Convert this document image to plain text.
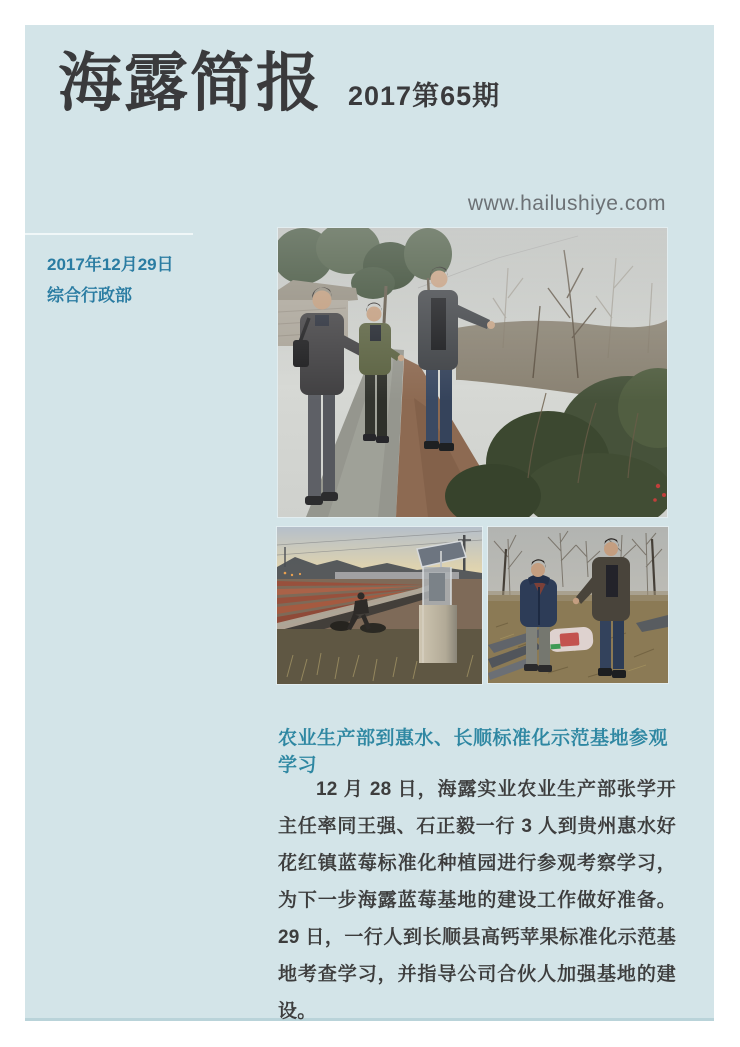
海露简报 2017第65期
www.hailushiye.com
2017年12月29日
综合行政部
农业生产部到惠水、长顺标准化示范基地参观学习

12 月 28 日，海露实业农业生产部张学开主任率同王强、石正毅一行 3 人到贵州惠水好花红镇蓝莓标准化种植园进行参观考察学习，为下一步海露蓝莓基地的建设工作做好准备。29 日，一行人到长顺县高钙苹果标准化示范基地考查学习，并指导公司合伙人加强基地的建设。
